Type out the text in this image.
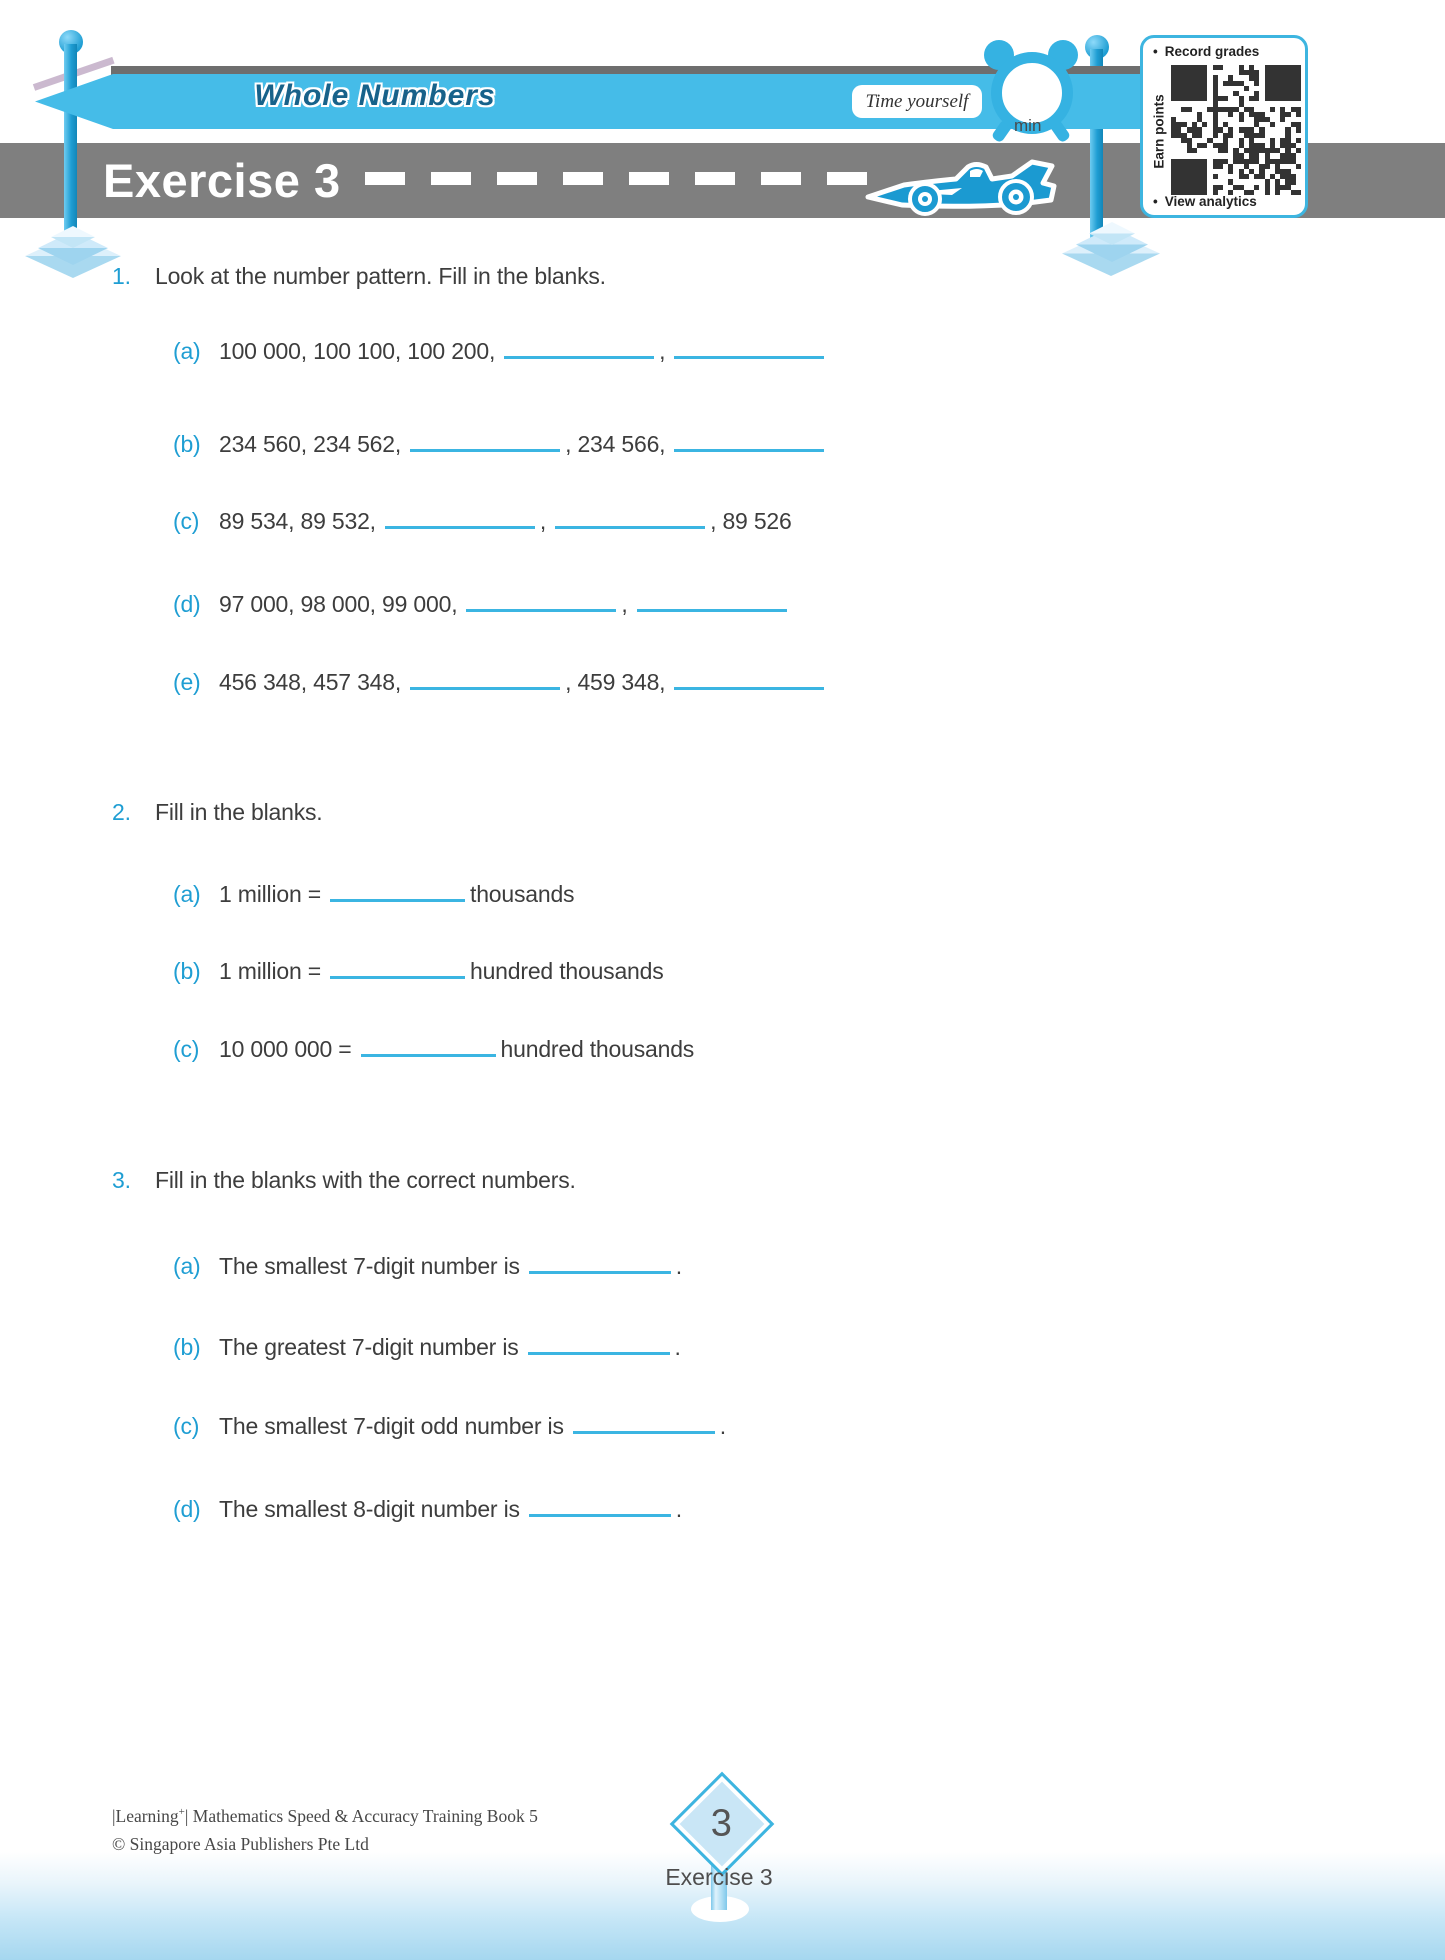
Exercise 3
Whole Numbers	Time yourself
min
• Record grades
Earn points
• View analytics
1. Look at the number pattern. Fill in the blanks.
(a) 100 000, 100 100, 100 200,	,
(b) 234 560, 234 562,	, 234 566,
(c) 89 534, 89 532,	,	, 89 526
(d) 97 000, 98 000, 99 000,	,
(e) 456 348, 457 348,	, 459 348,
2. Fill in the blanks.
(a) 1 million =	thousands
(b) 1 million =	hundred thousands
(c) 10 000 000 =	hundred thousands
3. Fill in the blanks with the correct numbers.
(a) The smallest 7-digit number is	.
(b) The greatest 7-digit number is	.
(c) The smallest 7-digit odd number is	.
(d) The smallest 8-digit number is	.
|Learning+| Mathematics Speed & Accuracy Training Book 5
© Singapore Asia Publishers Pte Ltd	3
Exercise 3
